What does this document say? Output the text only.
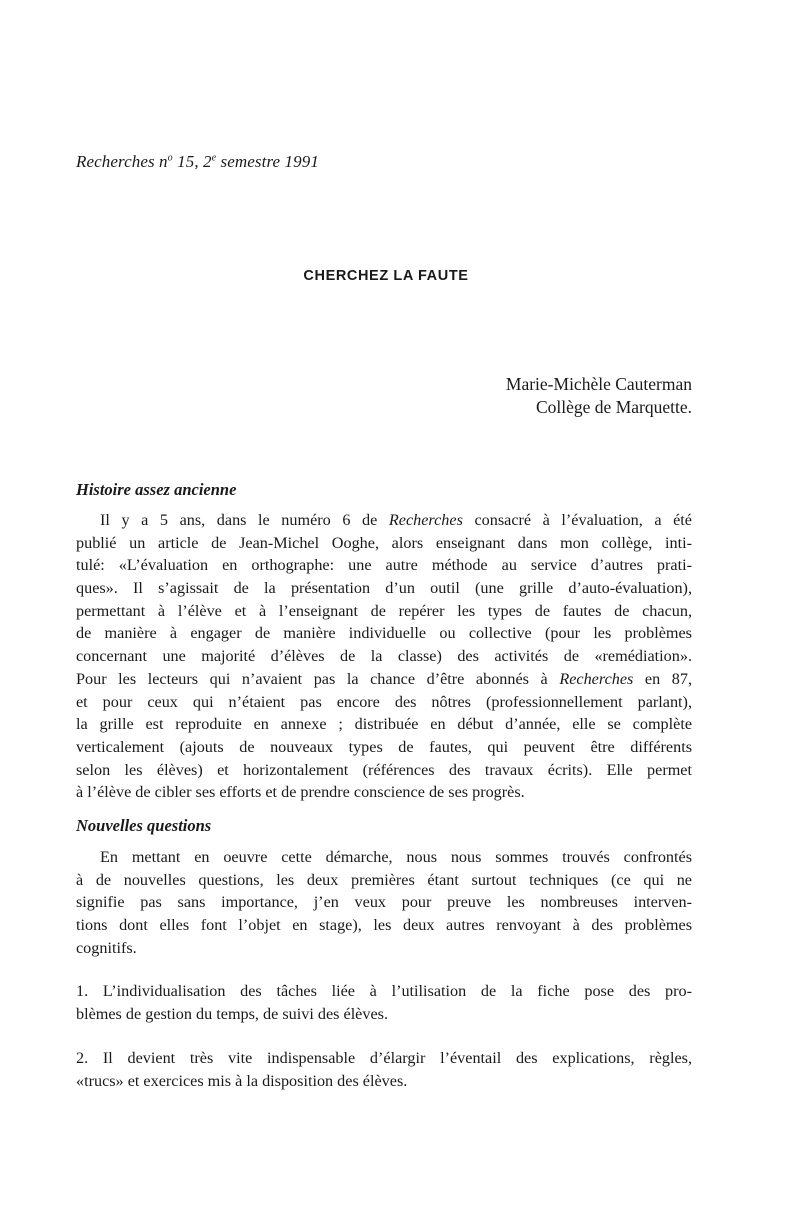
Recherches $n^o$ 15, 2e semestre 1991
CHERCHEZ LA FAUTE
Marie-Michèle Cauterman
Collège de Marquette.
Histoire assez ancienne
Il y a 5 ans, dans le numéro 6 de Recherches consacré à l’évaluation, a été
publié un article de Jean-Michel Ooghe, alors enseignant dans mon collège, inti-
tulé: «L’évaluation en orthographe: une autre méthode au service d’autres prati-
ques». Il s’agissait de la présentation d’un outil (une grille d’auto-évaluation),
permettant à l’élève et à l’enseignant de repérer les types de fautes de chacun,
de manière à engager de manière individuelle ou collective (pour les problèmes
concernant une majorité d’élèves de la classe) des activités de «remédiation».
Pour les lecteurs qui n’avaient pas la chance d’être abonnés à Recherches en 87,
et pour ceux qui n’étaient pas encore des nôtres (professionnellement parlant),
la grille est reproduite en annexe ; distribuée en début d’année, elle se complète
verticalement (ajouts de nouveaux types de fautes, qui peuvent être différents
selon les élèves) et horizontalement (références des travaux écrits). Elle permet
à l’élève de cibler ses efforts et de prendre conscience de ses progrès.
Nouvelles questions
En mettant en oeuvre cette démarche, nous nous sommes trouvés confrontés
à de nouvelles questions, les deux premières étant surtout techniques (ce qui ne
signifie pas sans importance, j’en veux pour preuve les nombreuses interven-
tions dont elles font l’objet en stage), les deux autres renvoyant à des problèmes
cognitifs.
1. L’individualisation des tâches liée à l’utilisation de la fiche pose des pro-
blèmes de gestion du temps, de suivi des élèves.
2. Il devient très vite indispensable d’élargir l’éventail des explications, règles,
«trucs» et exercices mis à la disposition des élèves.
